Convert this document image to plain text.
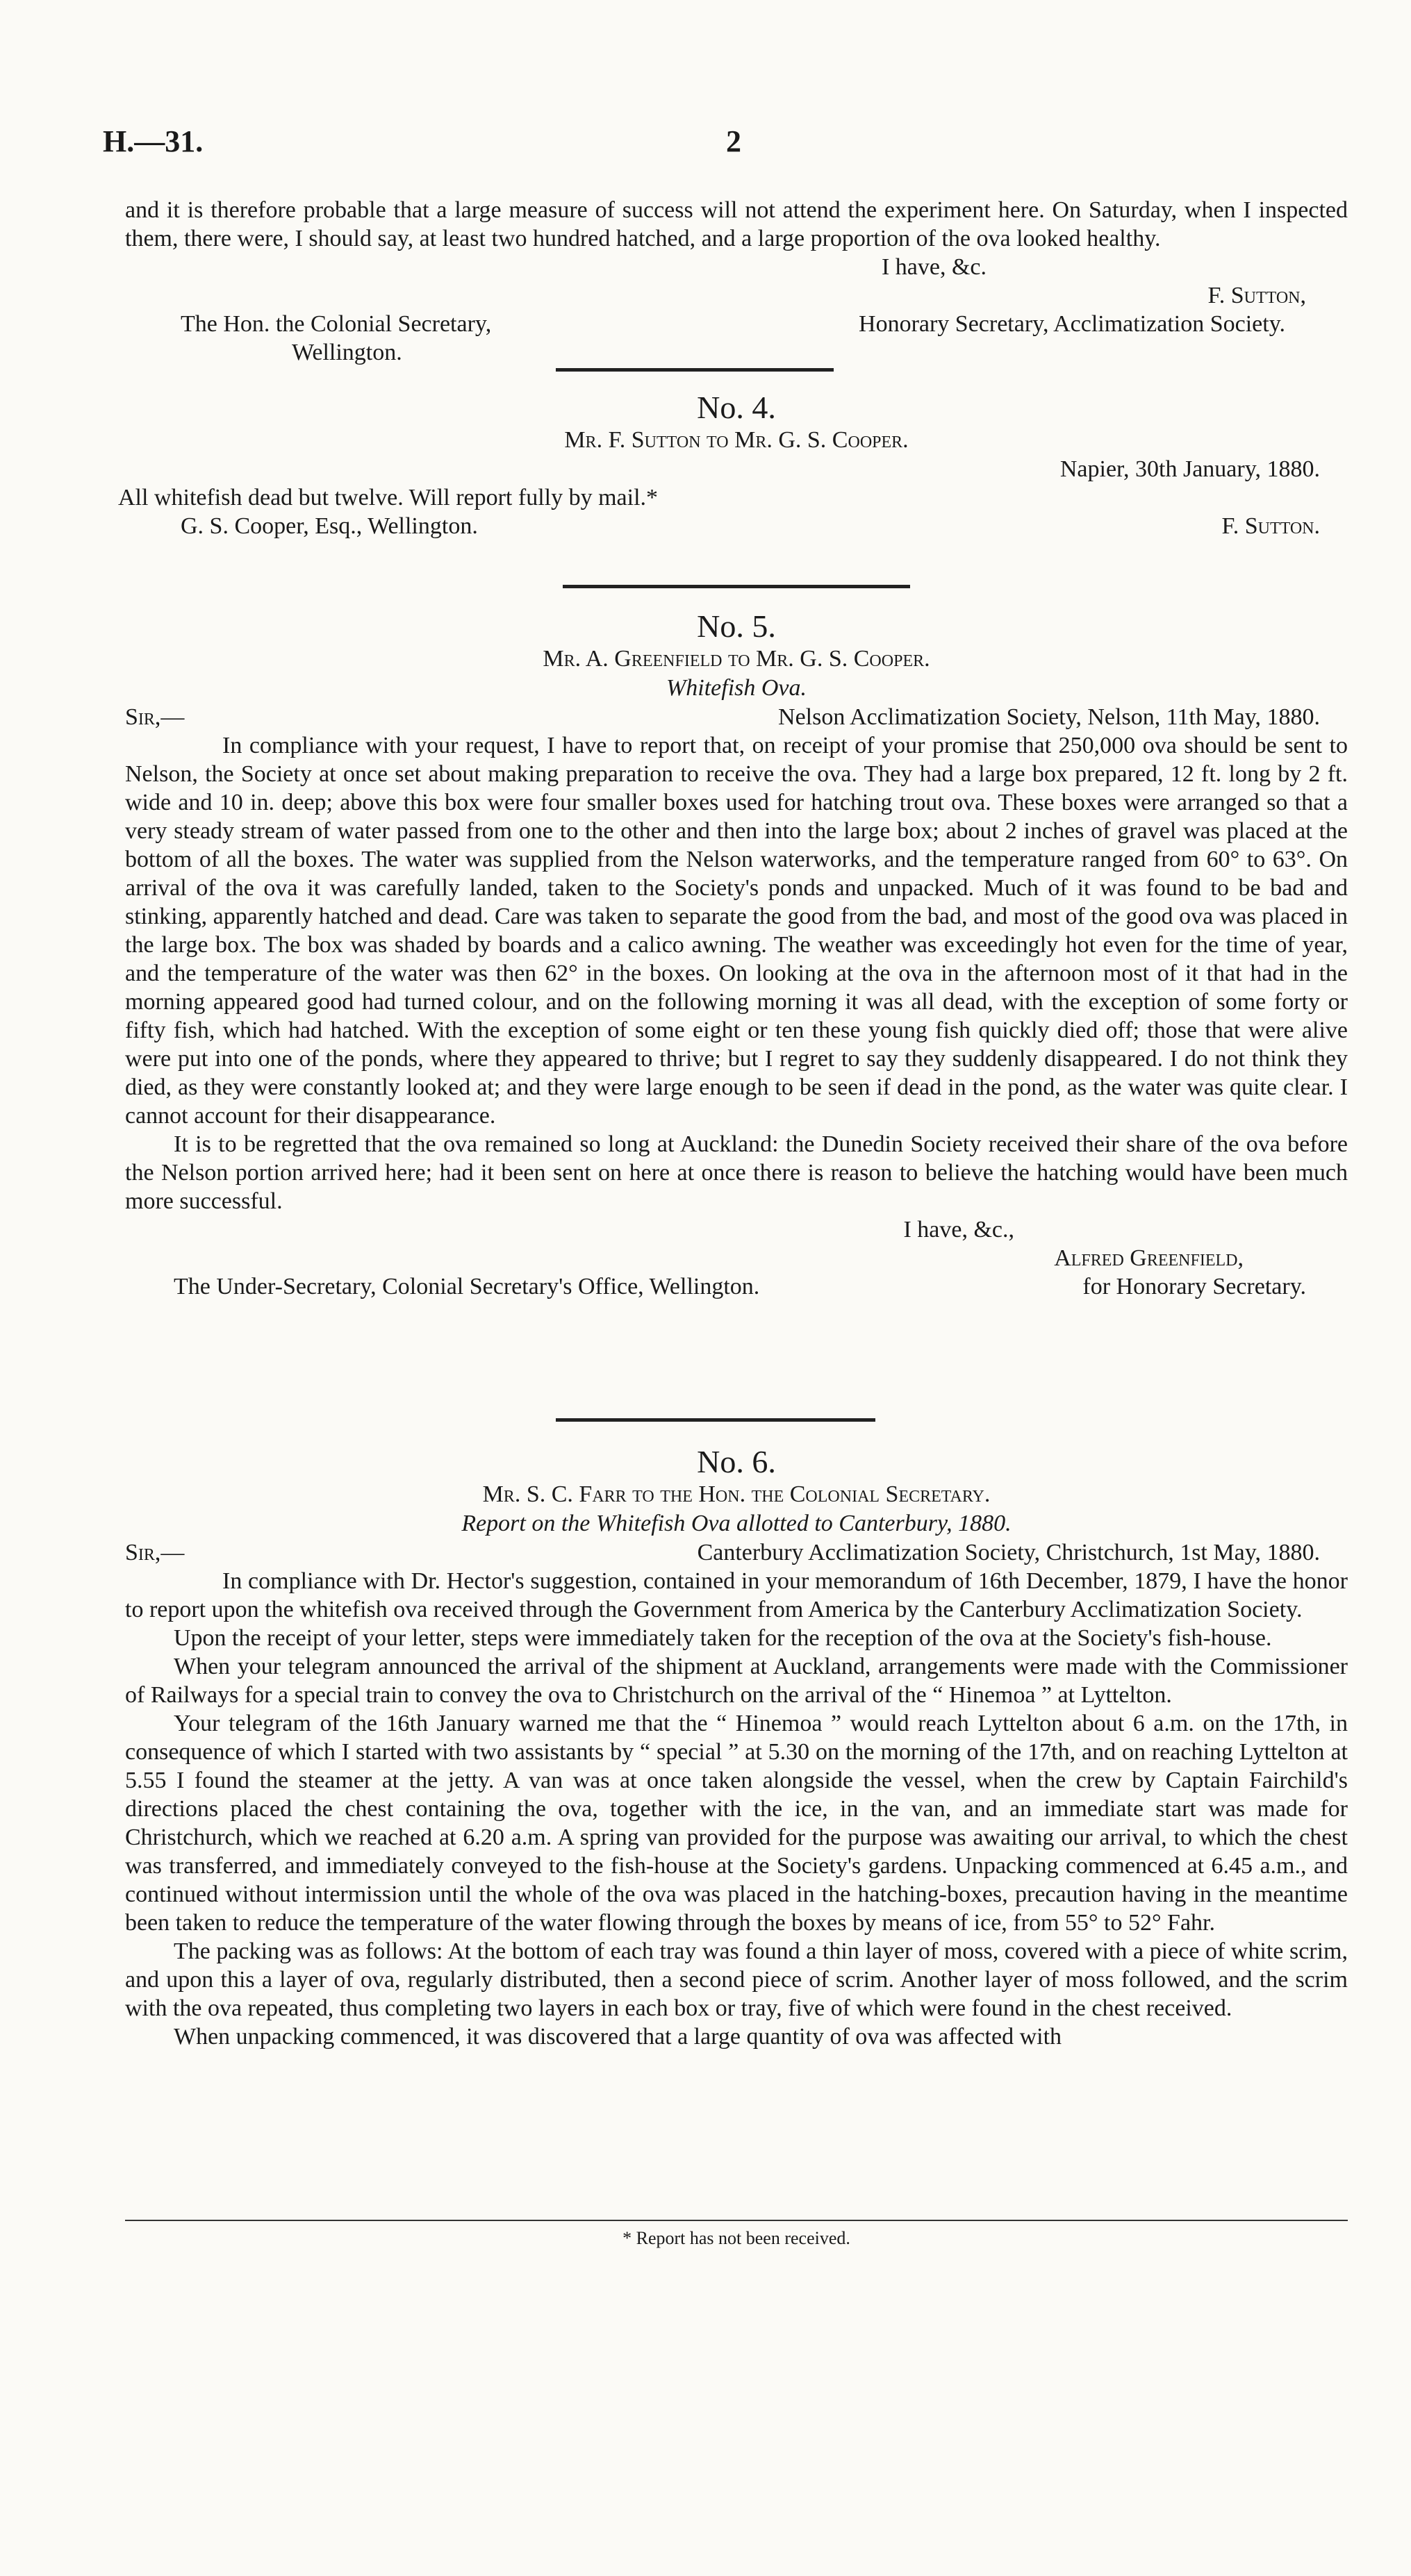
H.—31.	2

and it is therefore probable that a large measure of success will not attend the experiment here. On Saturday, when I inspected them, there were, I should say, at least two hundred hatched, and a large proportion of the ova looked healthy.

I have, &c.
F. Sutton,
The Hon. the Colonial Secretary,	Honorary Secretary, Acclimatization Society.
Wellington.

No. 4.

Mr. F. Sutton to Mr. G. S. Cooper.

Napier, 30th January, 1880.

All whitefish dead but twelve. Will report fully by mail.*

G. S. Cooper, Esq., Wellington.	F. Sutton.

No. 5.

Mr. A. Greenfield to Mr. G. S. Cooper.

Whitefish Ova.

Sir,—	Nelson Acclimatization Society, Nelson, 11th May, 1880.

In compliance with your request, I have to report that, on receipt of your promise that 250,000 ova should be sent to Nelson, the Society at once set about making preparation to receive the ova. They had a large box prepared, 12 ft. long by 2 ft. wide and 10 in. deep; above this box were four smaller boxes used for hatching trout ova. These boxes were arranged so that a very steady stream of water passed from one to the other and then into the large box; about 2 inches of gravel was placed at the bottom of all the boxes. The water was supplied from the Nelson waterworks, and the temperature ranged from 60° to 63°. On arrival of the ova it was carefully landed, taken to the Society's ponds and unpacked. Much of it was found to be bad and stinking, apparently hatched and dead. Care was taken to separate the good from the bad, and most of the good ova was placed in the large box. The box was shaded by boards and a calico awning. The weather was exceedingly hot even for the time of year, and the temperature of the water was then 62° in the boxes. On looking at the ova in the afternoon most of it that had in the morning appeared good had turned colour, and on the following morning it was all dead, with the exception of some forty or fifty fish, which had hatched. With the exception of some eight or ten these young fish quickly died off; those that were alive were put into one of the ponds, where they appeared to thrive; but I regret to say they suddenly disappeared. I do not think they died, as they were constantly looked at; and they were large enough to be seen if dead in the pond, as the water was quite clear. I cannot account for their disappearance.

It is to be regretted that the ova remained so long at Auckland: the Dunedin Society received their share of the ova before the Nelson portion arrived here; had it been sent on here at once there is reason to believe the hatching would have been much more successful.

I have, &c.,
Alfred Greenfield,
The Under-Secretary, Colonial Secretary's Office, Wellington.	for Honorary Secretary.

No. 6.

Mr. S. C. Farr to the Hon. the Colonial Secretary.

Report on the Whitefish Ova allotted to Canterbury, 1880.

Sir,—	Canterbury Acclimatization Society, Christchurch, 1st May, 1880.

In compliance with Dr. Hector's suggestion, contained in your memorandum of 16th December, 1879, I have the honor to report upon the whitefish ova received through the Government from America by the Canterbury Acclimatization Society.

Upon the receipt of your letter, steps were immediately taken for the reception of the ova at the Society's fish-house.

When your telegram announced the arrival of the shipment at Auckland, arrangements were made with the Commissioner of Railways for a special train to convey the ova to Christchurch on the arrival of the “ Hinemoa ” at Lyttelton.

Your telegram of the 16th January warned me that the “ Hinemoa ” would reach Lyttelton about 6 a.m. on the 17th, in consequence of which I started with two assistants by “ special ” at 5.30 on the morning of the 17th, and on reaching Lyttelton at 5.55 I found the steamer at the jetty. A van was at once taken alongside the vessel, when the crew by Captain Fairchild's directions placed the chest containing the ova, together with the ice, in the van, and an immediate start was made for Christchurch, which we reached at 6.20 a.m. A spring van provided for the purpose was awaiting our arrival, to which the chest was transferred, and immediately conveyed to the fish-house at the Society's gardens. Unpacking commenced at 6.45 a.m., and continued without intermission until the whole of the ova was placed in the hatching-boxes, precaution having in the meantime been taken to reduce the temperature of the water flowing through the boxes by means of ice, from 55° to 52° Fahr.

The packing was as follows: At the bottom of each tray was found a thin layer of moss, covered with a piece of white scrim, and upon this a layer of ova, regularly distributed, then a second piece of scrim. Another layer of moss followed, and the scrim with the ova repeated, thus completing two layers in each box or tray, five of which were found in the chest received.

When unpacking commenced, it was discovered that a large quantity of ova was affected with

* Report has not been received.
